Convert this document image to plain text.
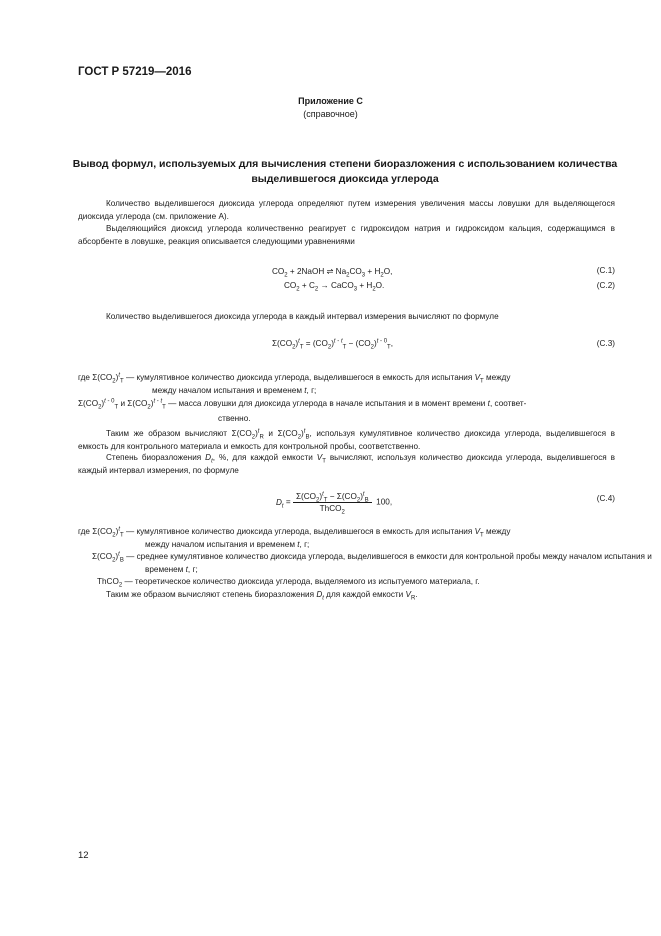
ГОСТ Р 57219—2016
Приложение С
(справочное)
Вывод формул, используемых для вычисления степени биоразложения с использованием количества выделившегося диоксида углерода
Количество выделившегося диоксида углерода определяют путем измерения увеличения массы ловушки для выделяющегося диоксида углерода (см. приложение А).
Выделяющийся диоксид углерода количественно реагирует с гидроксидом натрия и гидроксидом кальция, содержащимся в абсорбенте в ловушке, реакция описывается следующими уравнениями
$CO_2$ + 2NaOH ⇌ $Na_2CO_3 + H_2O$,	(С.1)
$CO_2 + C_2$ → CaCO$_3$ + $H_2O$.	(С.2)
Количество выделившегося диоксида углерода в каждый интервал измерения вычисляют по формуле
$\Sigma(CO_2)^t_T = (CO_2)^{t - t}_T - (CO_2)^{t - 0}_T$,	(С.3)
где $\Sigma(CO_2)^t_T$ — кумулятивное количество диоксида углерода, выделившегося в емкость для испытания $V_T$ между
между началом испытания и временем t, г;
$\Sigma(CO_2)^{t - 0}_T$ и $\Sigma(CO_2)^{t - t}_T$ — масса ловушки для диоксида углерода в начале испытания и в момент времени t, соответ-
ственно.
Таким же образом вычисляют $\Sigma(CO_2)^t_R$ и $\Sigma(CO_2)^t_B$, используя кумулятивное количество диоксида углерода, выделившегося в емкость для контрольного материала и емкость для контрольной пробы, соответственно.
Степень биоразложения $D_t$, %, для каждой емкости $V_T$ вычисляют, используя количество диоксида углерода, выделившегося в каждый интервал измерения, по формуле
$D_t = \frac{\Sigma(CO_2)^t_T - \Sigma(CO_2)^t_B}{ThCO_2} 100$,	(С.4)
где $\Sigma(CO_2)^t_T$ — кумулятивное количество диоксида углерода, выделившегося в емкость для испытания $V_T$ между
между началом испытания и временем t, г;
$\Sigma(CO_2)^t_B$ — среднее кумулятивное количество диоксида углерода, выделившегося в емкости для контрольной пробы между началом испытания и временем t, г;
ThCO$_2$ — теоретическое количество диоксида углерода, выделяемого из испытуемого материала, г.
Таким же образом вычисляют степень биоразложения $D_t$ для каждой емкости $V_R$.
12
